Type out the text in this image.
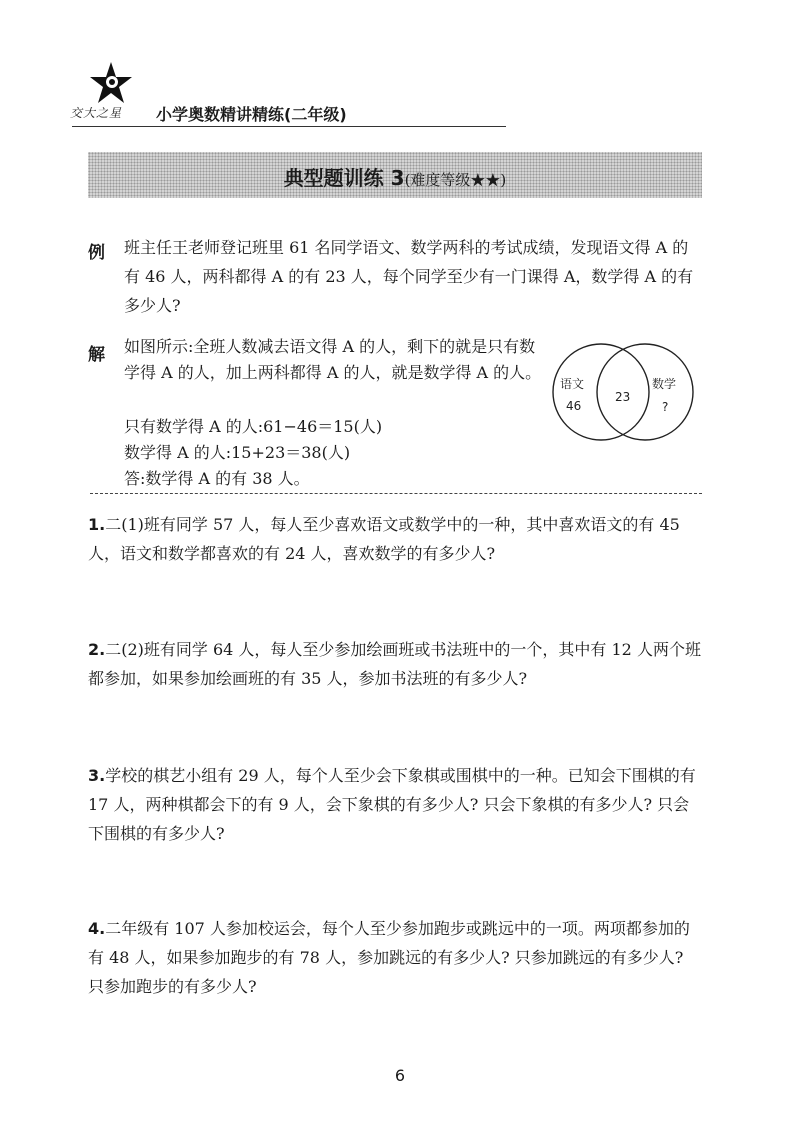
交大之星 小学奥数精讲精练(二年级)
典型题训练 3(难度等级★★)
例 班主任王老师登记班里 61 名同学语文、数学两科的考试成绩，发现语文得 A 的有 46 人，两科都得 A 的有 23 人，每个同学至少有一门课得 A，数学得 A 的有多少人?

解 如图所示:全班人数减去语文得 A 的人，剩下的就是只有数学得 A 的人，加上两科都得 A 的人，就是数学得 A 的人。

只有数学得 A 的人:61−46＝15(人)
数学得 A 的人:15+23＝38(人)
答:数学得 A 的有 38 人。
语文
46
23
数学
?

1.二(1)班有同学 57 人，每人至少喜欢语文或数学中的一种，其中喜欢语文的有 45 人，语文和数学都喜欢的有 24 人，喜欢数学的有多少人?

2.二(2)班有同学 64 人，每人至少参加绘画班或书法班中的一个，其中有 12 人两个班都参加，如果参加绘画班的有 35 人，参加书法班的有多少人?

3.学校的棋艺小组有 29 人，每个人至少会下象棋或围棋中的一种。已知会下围棋的有 17 人，两种棋都会下的有 9 人，会下象棋的有多少人? 只会下象棋的有多少人? 只会下围棋的有多少人?

4.二年级有 107 人参加校运会，每个人至少参加跑步或跳远中的一项。两项都参加的有 48 人，如果参加跑步的有 78 人，参加跳远的有多少人? 只参加跳远的有多少人? 只参加跑步的有多少人?

6
